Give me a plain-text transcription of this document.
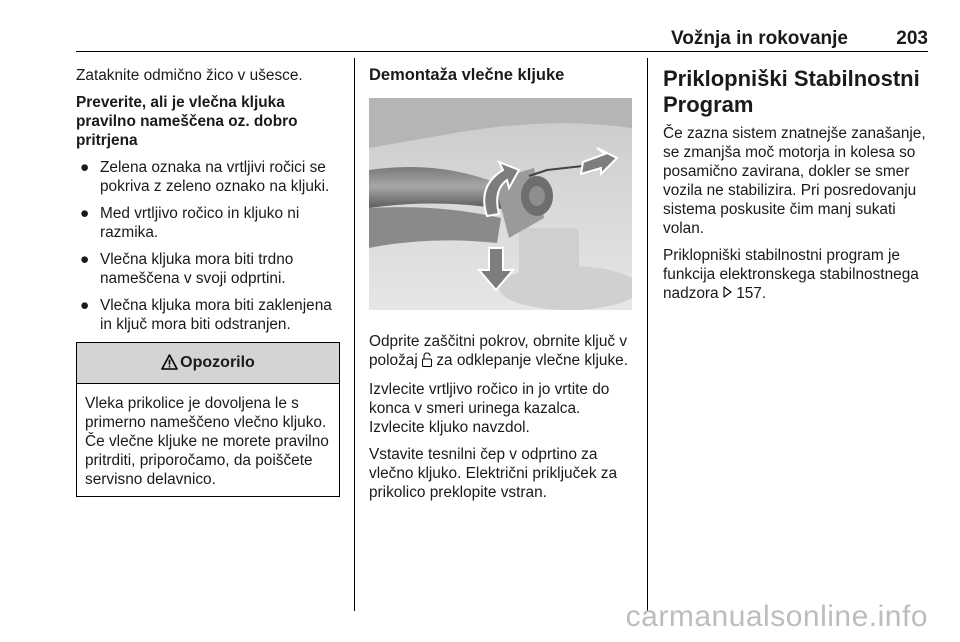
Vožnja in rokovanje	203

Zataknite odmično žico v ušesce.

Preverite, ali je vlečna kljuka pravilno nameščena oz. dobro pritrjena

● Zelena oznaka na vrtljivi ročici se pokriva z zeleno oznako na kljuki.
● Med vrtljivo ročico in kljuko ni razmika.
● Vlečna kljuka mora biti trdno nameščena v svoji odprtini.
● Vlečna kljuka mora biti zaklenjena in ključ mora biti odstranjen.
Opozorilo
Vleka prikolice je dovoljena le s primerno nameščeno vlečno kljuko. Če vlečne kljuke ne morete pravilno pritrditi, priporočamo, da poiščete servisno delavnico.
Demontaža vlečne kljuke

Odprite zaščitni pokrov, obrnite ključ v položaj za odklepanje vlečne kljuke.

Izvlecite vrtljivo ročico in jo vrtite do konca v smeri urinega kazalca. Izvlecite kljuko navzdol.

Vstavite tesnilni čep v odprtino za vlečno kljuko. Električni priključek za prikolico preklopite vstran.

Priklopniški Stabilnostni Program

Če zazna sistem znatnejše zanašanje, se zmanjša moč motorja in kolesa so posamično zavirana, dokler se smer vozila ne stabilizira. Pri posredovanju sistema poskusite čim manj sukati volan.

Priklopniški stabilnostni program je funkcija elektronskega stabilnostnega nadzora 157.

carmanualsonline.info
